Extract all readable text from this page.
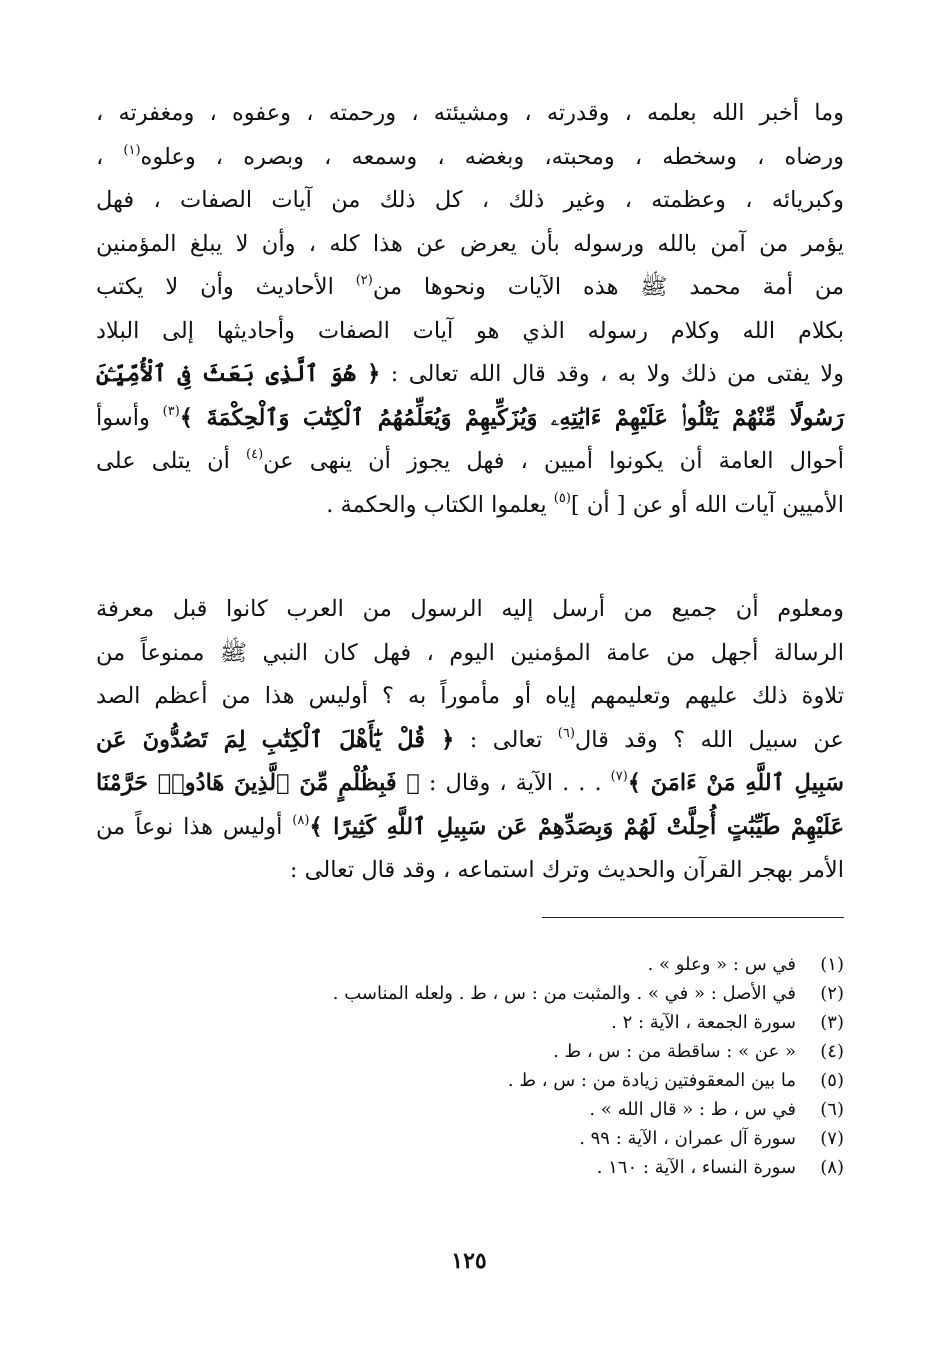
وما أخبر الله بعلمه ، وقدرته ، ومشيئته ، ورحمته ، وعفوه ، ومغفرته ،
ورضاه ، وسخطه ، ومحبته، وبغضه ، وسمعه ، وبصره ، وعلوه$^{(١)}$ ،
وكبريائه ، وعظمته ، وغير ذلك ، كل ذلك من آيات الصفات ، فهل
يؤمر من آمن بالله ورسوله بأن يعرض عن هذا كله ، وأن لا يبلغ المؤمنين
من أمة محمد ﷺ هذه الآيات ونحوها من$^{(٢)}$ الأحاديث وأن لا يكتب
بكلام الله وكلام رسوله الذي هو آيات الصفات وأحاديثها إلى البلاد
ولا يفتى من ذلك ولا به ، وقد قال الله تعالى : ﴿ هُوَ ٱلَّذِى بَعَثَ فِى ٱلْأُمِّيِّـۧنَ
رَسُولًا مِّنْهُمْ يَتْلُوا۟ عَلَيْهِمْ ءَايَٰتِهِۦ وَيُزَكِّيهِمْ وَيُعَلِّمُهُمُ ٱلْكِتَٰبَ وَٱلْحِكْمَةَ ﴾$^{(٣)}$ وأسوأ
أحوال العامة أن يكونوا أميين ، فهل يجوز أن ينهى عن$^{(٤)}$ أن يتلى على
الأميين آيات الله أو عن [ أن ]$^{(٥)}$ يعلموا الكتاب والحكمة .
ومعلوم أن جميع من أرسل إليه الرسول من العرب كانوا قبل معرفة
الرسالة أجهل من عامة المؤمنين اليوم ، فهل كان النبي ﷺ ممنوعاً من
تلاوة ذلك عليهم وتعليمهم إياه أو مأموراً به ؟ أوليس هذا من أعظم الصد
عن سبيل الله ؟ وقد قال$^{(٦)}$ تعالى : ﴿ قُلْ يَٰٓأَهْلَ ٱلْكِتَٰبِ لِمَ تَصُدُّونَ عَن
سَبِيلِ ٱللَّهِ مَنْ ءَامَنَ ﴾$^{(٧)}$ . . . الآية ، وقال : ﴿ فَبِظُلْمٍ مِّنَ ٱلَّذِينَ هَادُوا۟ حَرَّمْنَا
عَلَيْهِمْ طَيِّبَٰتٍ أُحِلَّتْ لَهُمْ وَبِصَدِّهِمْ عَن سَبِيلِ ٱللَّهِ كَثِيرًا ﴾$^{(٨)}$ أوليس هذا نوعاً من
الأمر بهجر القرآن والحديث وترك استماعه ، وقد قال تعالى :
(١)
في س : « وعلو » .
(٢)
في الأصل : « في » . والمثبت من : س ، ط . ولعله المناسب .
(٣)
سورة الجمعة ، الآية : ٢ .
(٤)
« عن » : ساقطة من : س ، ط .
(٥)
ما بين المعقوفتين زيادة من : س ، ط .
(٦)
في س ، ط : « قال الله » .
(٧)
سورة آل عمران ، الآية : ٩٩ .
(٨)
سورة النساء ، الآية : ١٦٠ .
١٢٥
